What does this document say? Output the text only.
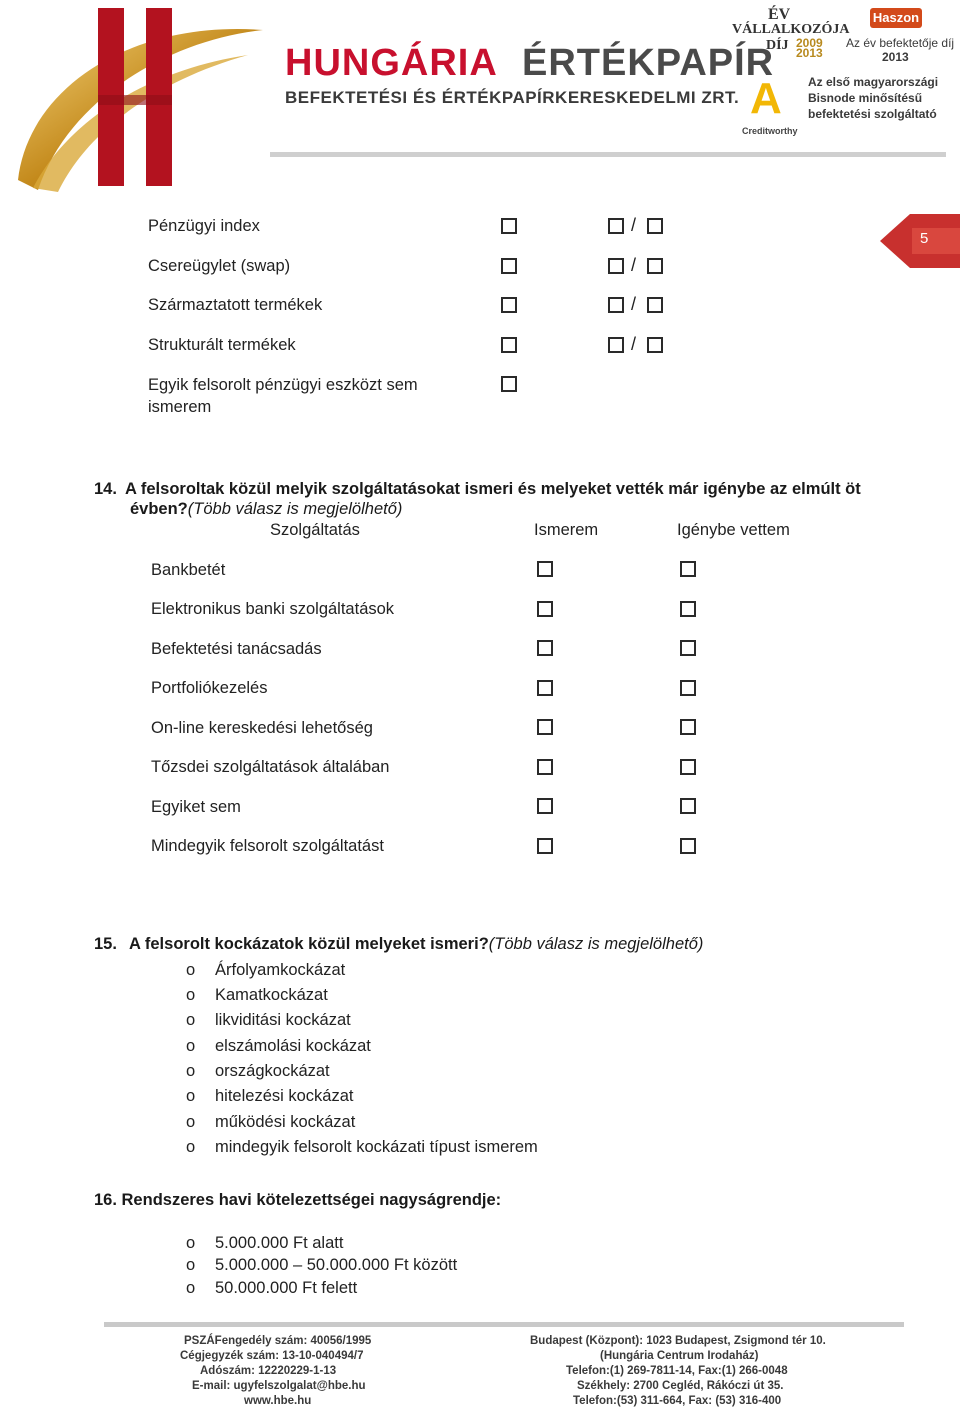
HUNGÁRIA ÉRTÉKPAPÍR
BEFEKTETÉSI ÉS ÉRTÉKPAPÍRKERESKEDELMI ZRT.
ÉV
VÁLLALKOZÓJA
DÍJ 2009
2013
Haszon
Az év befektetője díj
2013
A
Creditworthy
Az első magyarországi
Bisnode minősítésű
befektetési szolgáltató
5
Pénzügyi index	/
Csereügylet (swap)	/
Származtatott termékek	/
Strukturált termékek	/
Egyik felsorolt pénzügyi eszközt sem
ismerem
14. A felsoroltak közül melyik szolgáltatásokat ismeri és melyeket vették már igénybe az elmúlt öt
évben?(Több válasz is megjelölhető)
Szolgáltatás	Ismerem	Igénybe vettem
Bankbetét
Elektronikus banki szolgáltatások
Befektetési tanácsadás
Portfoliókezelés
On-line kereskedési lehetőség
Tőzsdei szolgáltatások általában
Egyiket sem
Mindegyik felsorolt szolgáltatást
15. A felsorolt kockázatok közül melyeket ismeri?(Több válasz is megjelölhető)
o Árfolyamkockázat
o Kamatkockázat
o likviditási kockázat
o elszámolási kockázat
o országkockázat
o hitelezési kockázat
o működési kockázat
o mindegyik felsorolt kockázati típust ismerem
16. Rendszeres havi kötelezettségei nagyságrendje:
o 5.000.000 Ft alatt
o 5.000.000 – 50.000.000 Ft között
o 50.000.000 Ft felett
PSZÁFengedély szám: 40056/1995
Cégjegyzék szám: 13-10-040494/7
Adószám: 12220229-1-13
E-mail: ugyfelszolgalat@hbe.hu
www.hbe.hu
Budapest (Központ): 1023 Budapest, Zsigmond tér 10.
(Hungária Centrum Irodaház)
Telefon:(1) 269-7811-14, Fax:(1) 266-0048
Székhely: 2700 Cegléd, Rákóczi út 35.
Telefon:(53) 311-664, Fax: (53) 316-400
